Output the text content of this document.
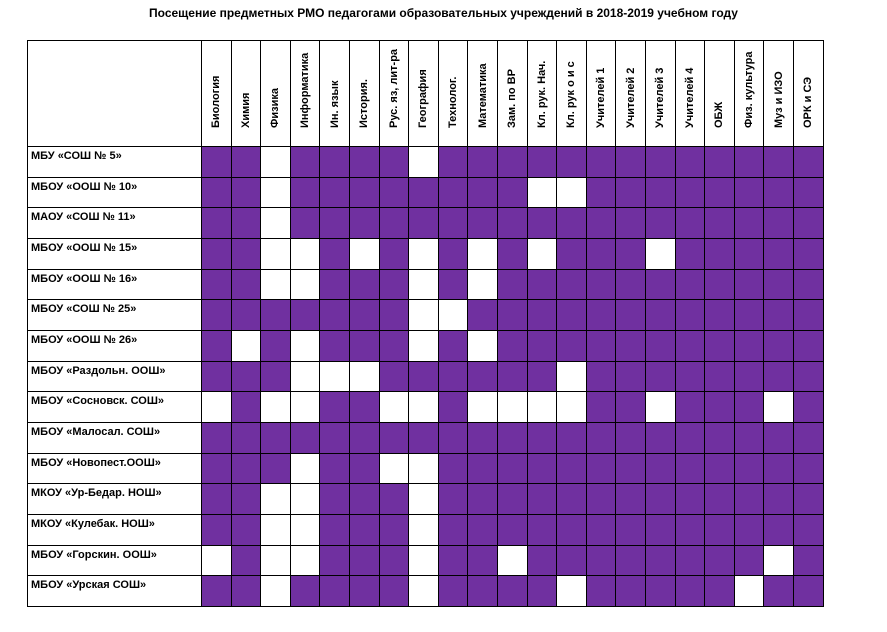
Посещение предметных РМО педагогами образовательных учреждений в 2018-2019 учебном году
Биология Химия Физика Информатика Ин. язык История. Рус. яз, лит-ра География Технолог. Математика Зам. по ВР Кл. рук. Нач. Кл. рук о и с Учителей 1 Учителей 2 Учителей 3 Учителей 4 ОБЖ Физ. культура Муз и ИЗО ОРК и СЭ
МБУ «СОШ № 5»
МБОУ «ООШ № 10»
МАОУ «СОШ № 11»
МБОУ «ООШ № 15»
МБОУ «ООШ № 16»
МБОУ «СОШ № 25»
МБОУ «ООШ № 26»
МБОУ «Раздольн. ООШ»
МБОУ «Сосновск. СОШ»
МБОУ «Малосал. СОШ»
МБОУ «Новопест.ООШ»
МКОУ «Ур-Бедар. НОШ»
МКОУ «Кулебак. НОШ»
МБОУ «Горскин. ООШ»
МБОУ «Урская СОШ»
